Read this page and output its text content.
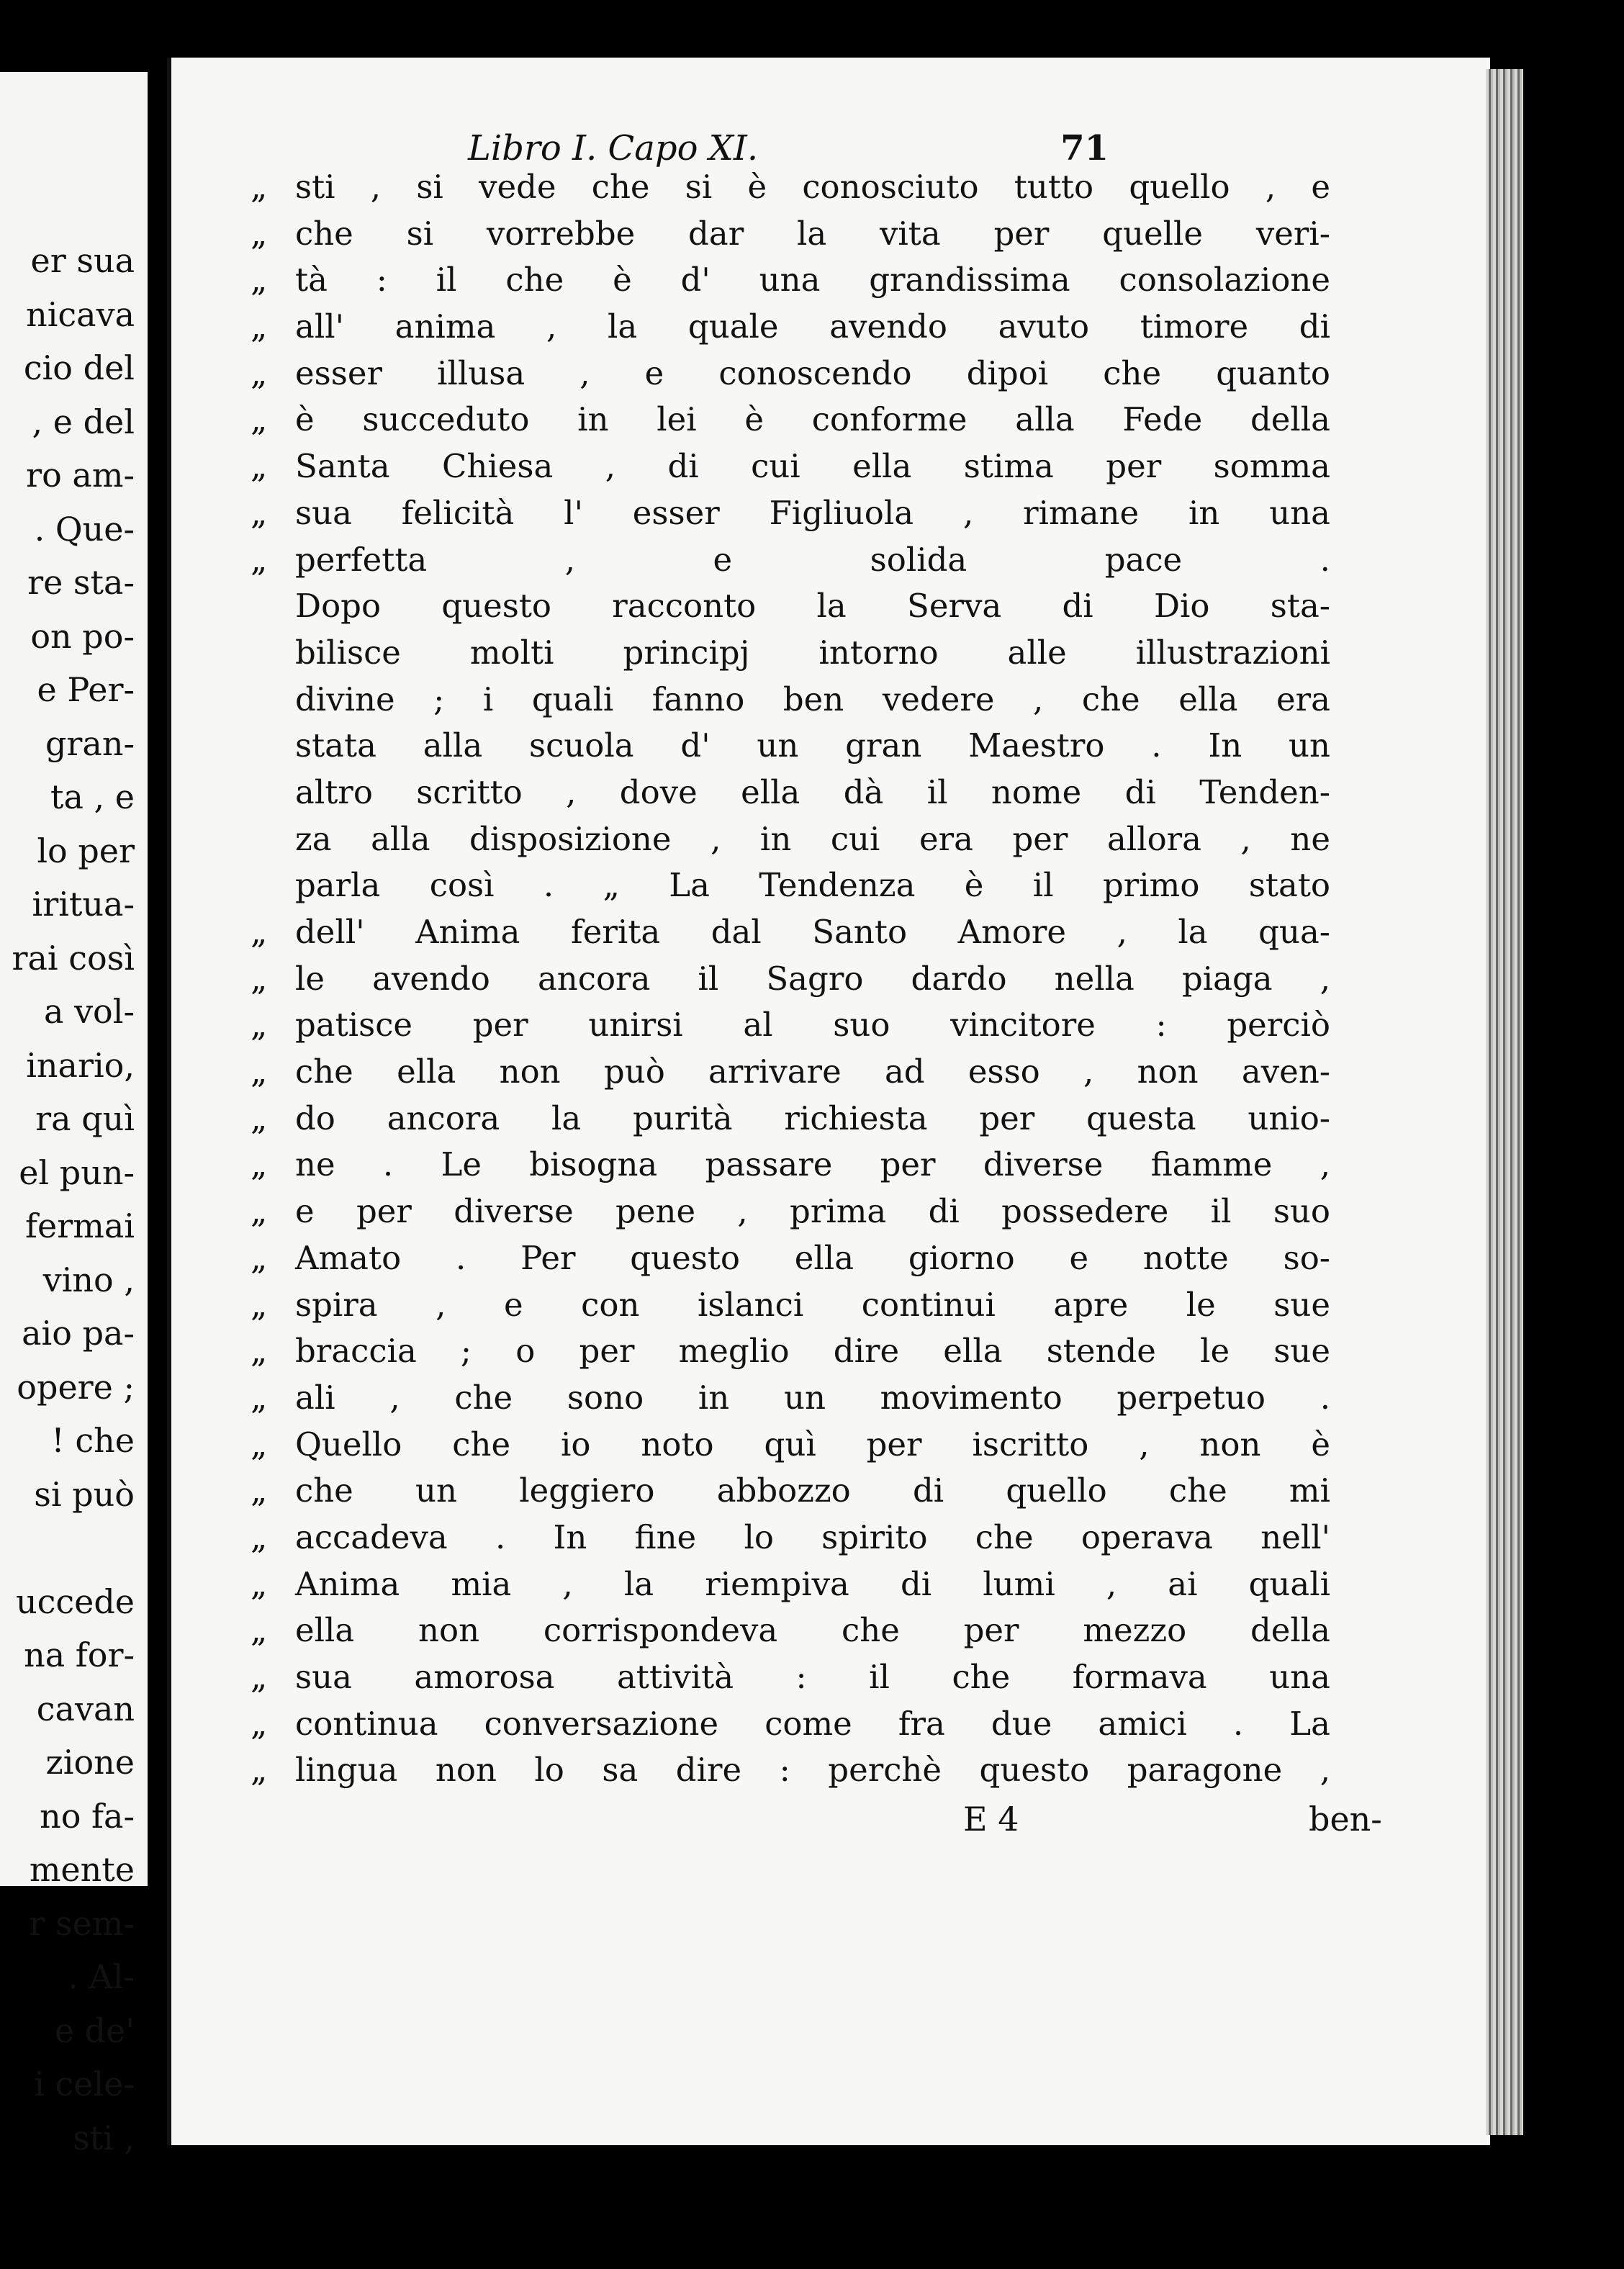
er sua
nicava
cio del
, e del
ro am-
. Que-
re sta-
on po-
e Per-
gran-
ta , e
lo per
iritua-
rai così
a vol-
inario,
ra quì
el pun-
fermai
vino ,
aio pa-
opere ;
! che
si può
uccede
na for-
cavan
zione
no fa-
mente
r sem-
. Al-
e de'
i cele-
sti ,
Libro I. Capo XI.	71
„ sti , si vede che si è conosciuto tutto quello , e
„ che si vorrebbe dar la vita per quelle veri-
„ tà : il che è d' una grandissima consolazione
„ all' anima , la quale avendo avuto timore di
„ esser illusa , e conoscendo dipoi che quanto
„ è succeduto in lei è conforme alla Fede della
„ Santa Chiesa , di cui ella stima per somma
„ sua felicità l' esser Figliuola , rimane in una
„ perfetta , e solida pace .
Dopo questo racconto la Serva di Dio sta-
bilisce molti principj intorno alle illustrazioni
divine ; i quali fanno ben vedere , che ella era
stata alla scuola d' un gran Maestro . In un
altro scritto , dove ella dà il nome di Tenden-
za alla disposizione , in cui era per allora , ne
parla così . „ La Tendenza è il primo stato
„ dell' Anima ferita dal Santo Amore , la qua-
„ le avendo ancora il Sagro dardo nella piaga ,
„ patisce per unirsi al suo vincitore : perciò
„ che ella non può arrivare ad esso , non aven-
„ do ancora la purità richiesta per questa unio-
„ ne . Le bisogna passare per diverse fiamme ,
„ e per diverse pene , prima di possedere il suo
„ Amato . Per questo ella giorno e notte so-
„ spira , e con islanci continui apre le sue
„ braccia ; o per meglio dire ella stende le sue
„ ali , che sono in un movimento perpetuo .
„ Quello che io noto quì per iscritto , non è
„ che un leggiero abbozzo di quello che mi
„ accadeva . In fine lo spirito che operava nell'
„ Anima mia , la riempiva di lumi , ai quali
„ ella non corrispondeva che per mezzo della
„ sua amorosa attività : il che formava una
„ continua conversazione come fra due amici . La
„ lingua non lo sa dire : perchè questo paragone ,
E 4	ben-
